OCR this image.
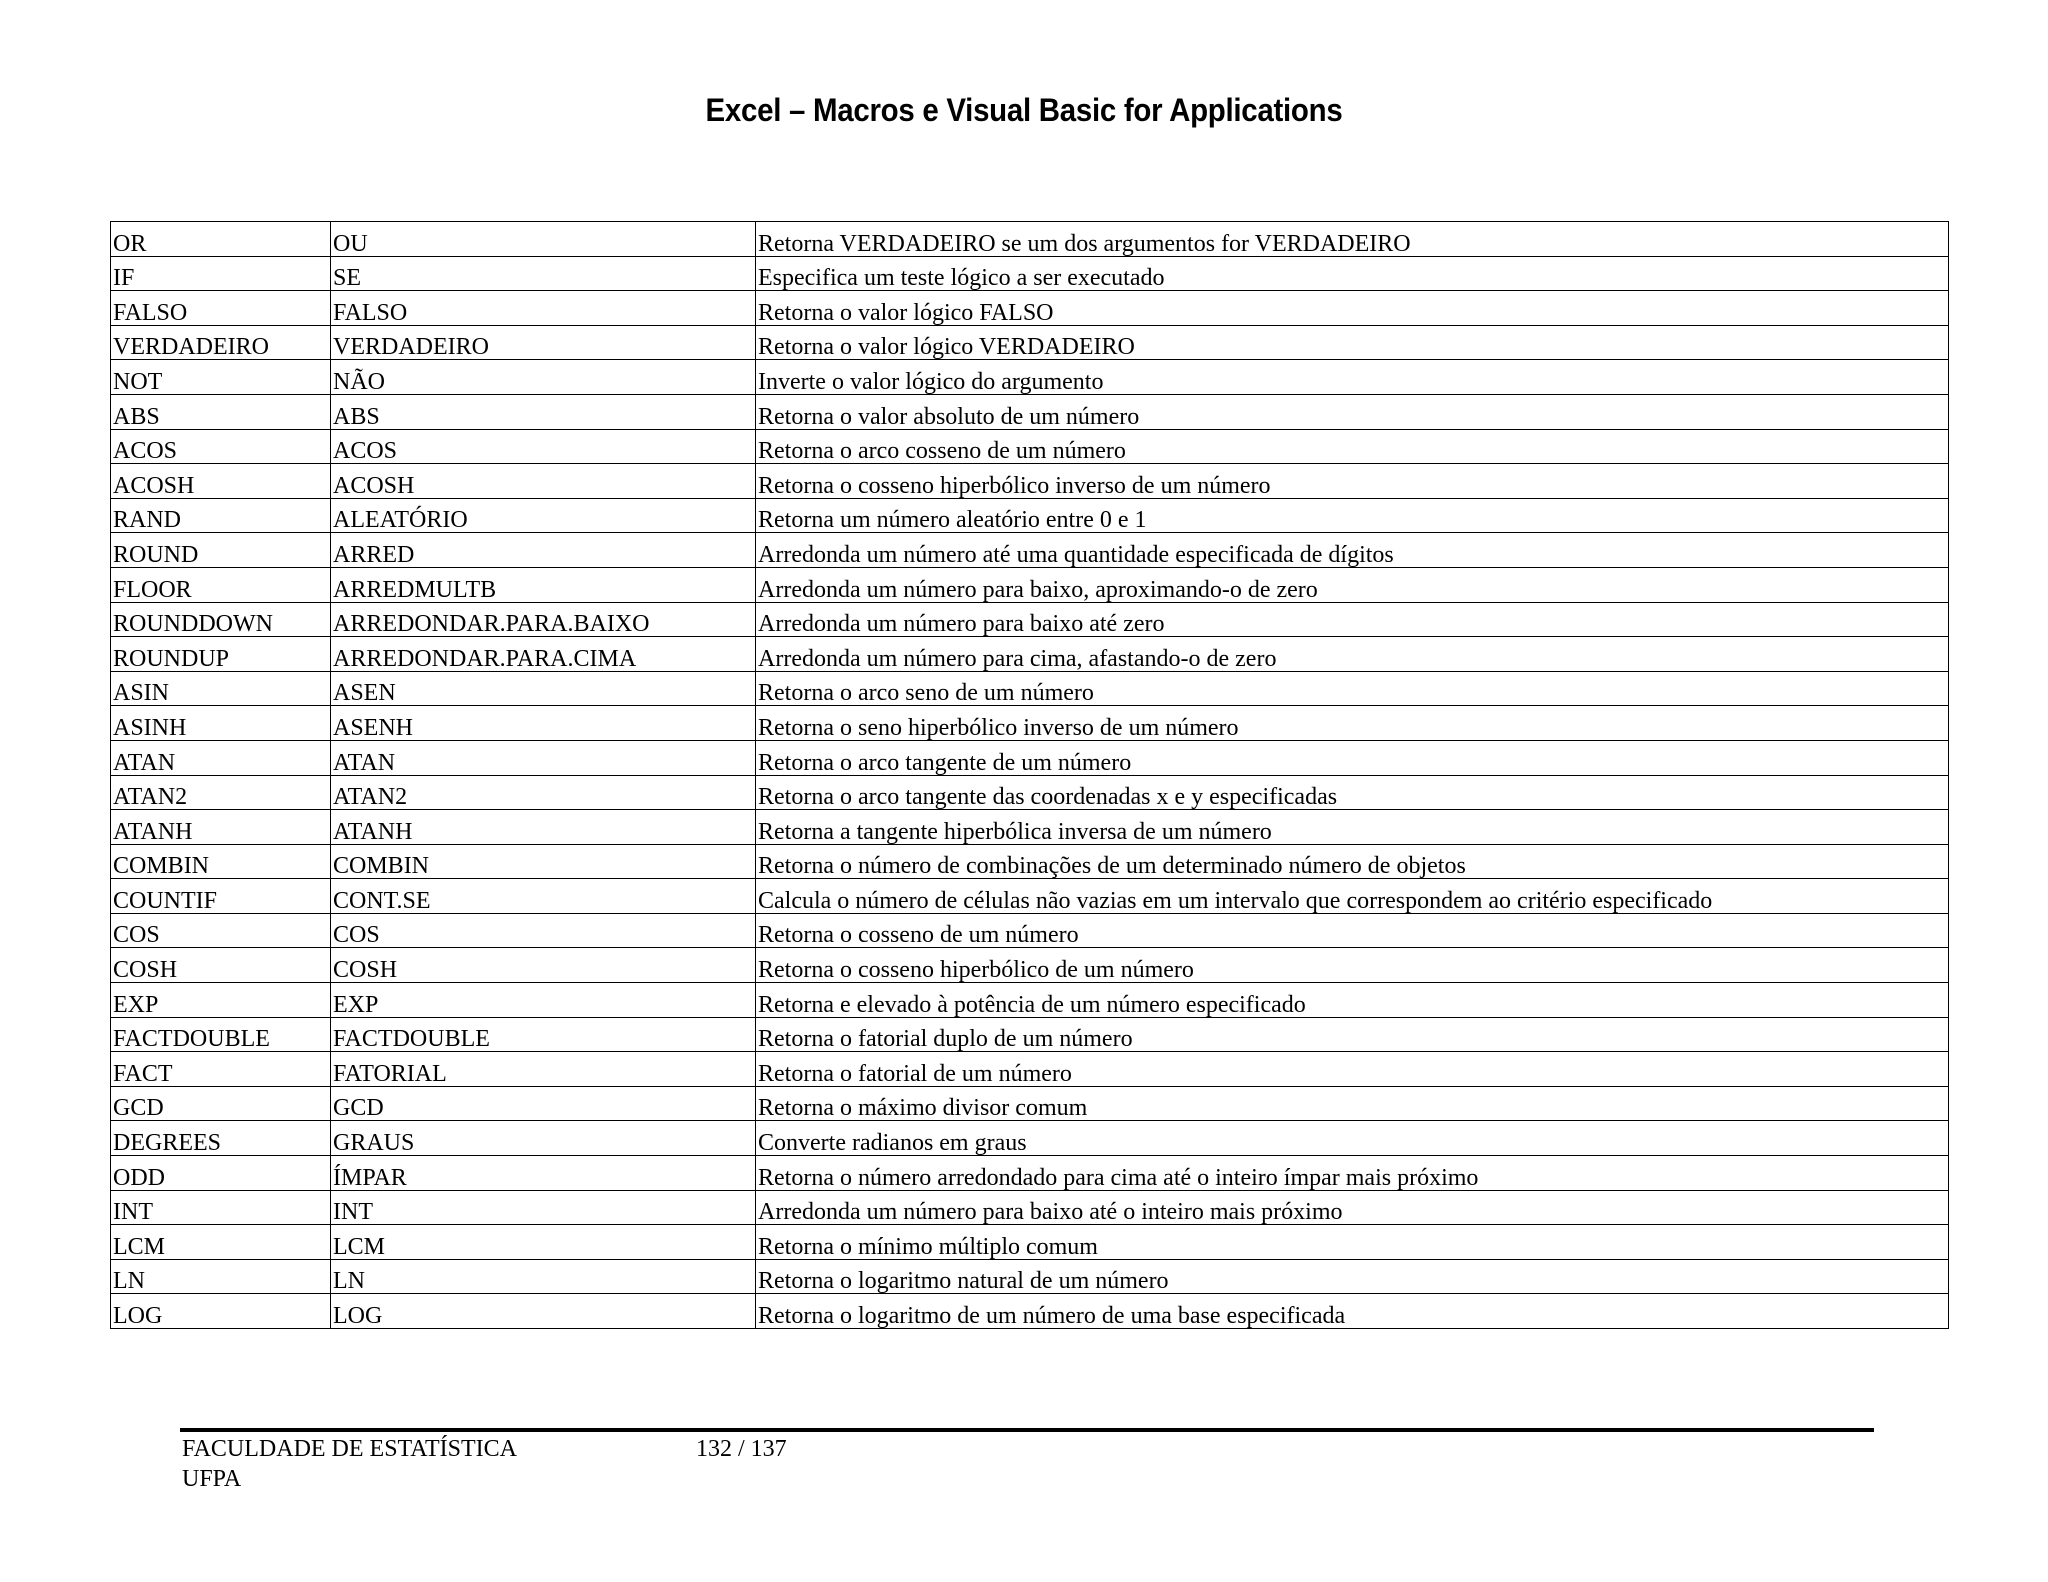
Excel – Macros e Visual Basic for Applications
OR	OU	Retorna VERDADEIRO se um dos argumentos for VERDADEIRO
IF	SE	Especifica um teste lógico a ser executado
FALSO	FALSO	Retorna o valor lógico FALSO
VERDADEIRO	VERDADEIRO	Retorna o valor lógico VERDADEIRO
NOT	NÃO	Inverte o valor lógico do argumento
ABS	ABS	Retorna o valor absoluto de um número
ACOS	ACOS	Retorna o arco cosseno de um número
ACOSH	ACOSH	Retorna o cosseno hiperbólico inverso de um número
RAND	ALEATÓRIO	Retorna um número aleatório entre 0 e 1
ROUND	ARRED	Arredonda um número até uma quantidade especificada de dígitos
FLOOR	ARREDMULTB	Arredonda um número para baixo, aproximando-o de zero
ROUNDDOWN	ARREDONDAR.PARA.BAIXO	Arredonda um número para baixo até zero
ROUNDUP	ARREDONDAR.PARA.CIMA	Arredonda um número para cima, afastando-o de zero
ASIN	ASEN	Retorna o arco seno de um número
ASINH	ASENH	Retorna o seno hiperbólico inverso de um número
ATAN	ATAN	Retorna o arco tangente de um número
ATAN2	ATAN2	Retorna o arco tangente das coordenadas x e y especificadas
ATANH	ATANH	Retorna a tangente hiperbólica inversa de um número
COMBIN	COMBIN	Retorna o número de combinações de um determinado número de objetos
COUNTIF	CONT.SE	Calcula o número de células não vazias em um intervalo que correspondem ao critério especificado
COS	COS	Retorna o cosseno de um número
COSH	COSH	Retorna o cosseno hiperbólico de um número
EXP	EXP	Retorna e elevado à potência de um número especificado
FACTDOUBLE	FACTDOUBLE	Retorna o fatorial duplo de um número
FACT	FATORIAL	Retorna o fatorial de um número
GCD	GCD	Retorna o máximo divisor comum
DEGREES	GRAUS	Converte radianos em graus
ODD	ÍMPAR	Retorna o número arredondado para cima até o inteiro ímpar mais próximo
INT	INT	Arredonda um número para baixo até o inteiro mais próximo
LCM	LCM	Retorna o mínimo múltiplo comum
LN	LN	Retorna o logaritmo natural de um número
LOG	LOG	Retorna o logaritmo de um número de uma base especificada
FACULDADE DE ESTATÍSTICA
UFPA
132 / 137
